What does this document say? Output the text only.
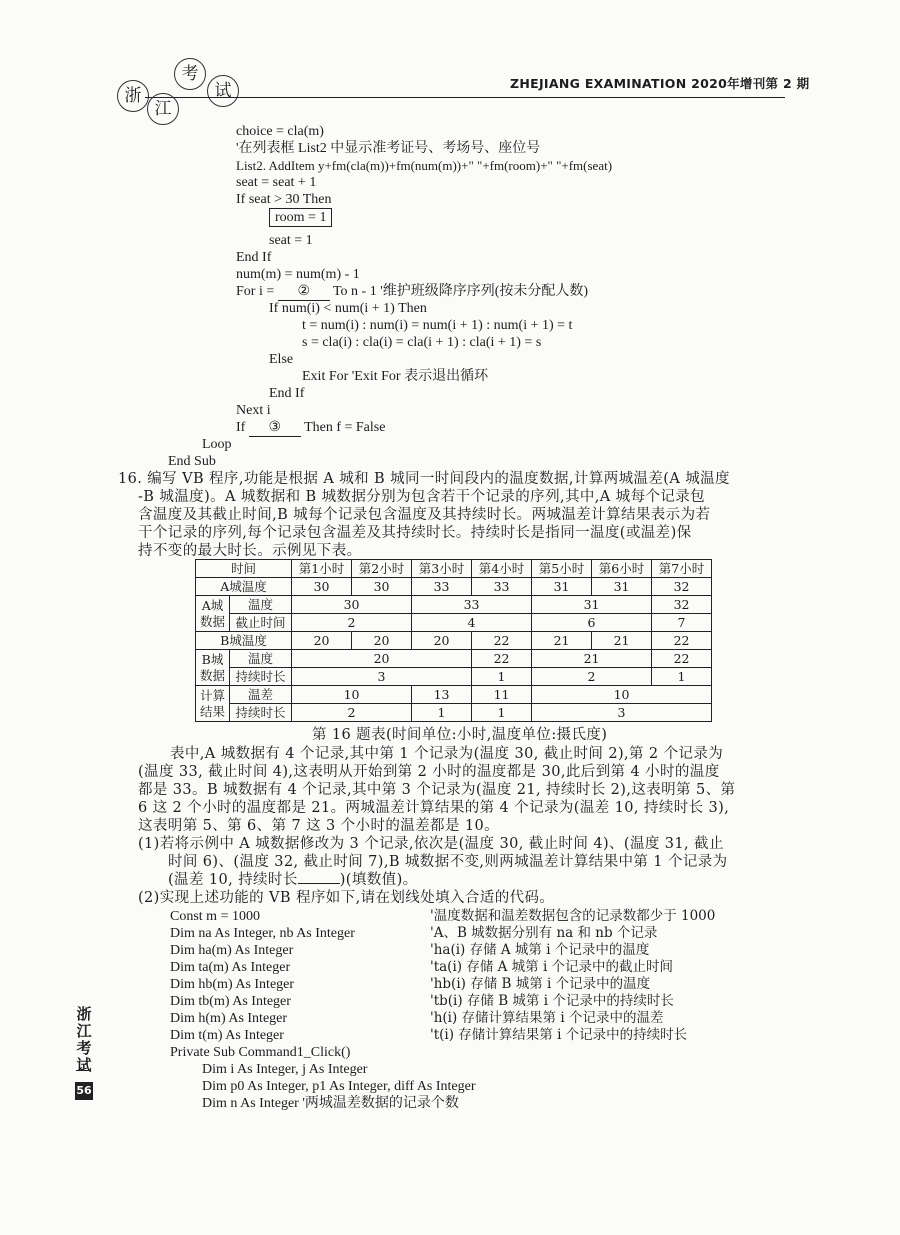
浙
江
考
试	ZHEJIANG EXAMINATION 2020年增刊第 2 期
choice = cla(m)
'在列表框 List2 中显示准考证号、考场号、座位号
List2. AddItem y+fm(cla(m))+fm(num(m))+" "+fm(room)+" "+fm(seat)
seat = seat + 1
If seat > 30 Then
room = 1
seat = 1
End If
num(m) = num(m) - 1
For i = ② To n - 1 '维护班级降序序列(按未分配人数)
If num(i) < num(i + 1) Then
t = num(i) : num(i) = num(i + 1) : num(i + 1) = t
s = cla(i) : cla(i) = cla(i + 1) : cla(i + 1) = s
Else
Exit For 'Exit For 表示退出循环
End If
Next i
If ③ Then f = False
Loop
End Sub
16. 编写 VB 程序,功能是根据 A 城和 B 城同一时间段内的温度数据,计算两城温差(A 城温度
-B 城温度)。A 城数据和 B 城数据分别为包含若干个记录的序列,其中,A 城每个记录包
含温度及其截止时间,B 城每个记录包含温度及其持续时长。两城温差计算结果表示为若
干个记录的序列,每个记录包含温差及其持续时长。持续时长是指同一温度(或温差)保
持不变的最大时长。示例见下表。
时间		第1小时	第2小时	第3小时	第4小时	第5小时	第6小时	第7小时
A城温度		30	30	33	33	31	31	32
A城数据	温度	30		33		31		32
	截止时间	2		4		6		7
B城温度		20	20	20	22	21	21	22
B城数据	温度	20			22	21		22
	持续时长	3			1	2		1
计算结果	温差	10		13	11	10		
	持续时长	2		1	1	3		
第 16 题表(时间单位:小时,温度单位:摄氏度)
表中,A 城数据有 4 个记录,其中第 1 个记录为(温度 30, 截止时间 2),第 2 个记录为
(温度 33, 截止时间 4),这表明从开始到第 2 小时的温度都是 30,此后到第 4 小时的温度
都是 33。B 城数据有 4 个记录,其中第 3 个记录为(温度 21, 持续时长 2),这表明第 5、第
6 这 2 个小时的温度都是 21。两城温差计算结果的第 4 个记录为(温差 10, 持续时长 3),
这表明第 5、第 6、第 7 这 3 个小时的温差都是 10。
(1)若将示例中 A 城数据修改为 3 个记录,依次是(温度 30, 截止时间 4)、(温度 31, 截止
时间 6)、(温度 32, 截止时间 7),B 城数据不变,则两城温差计算结果中第 1 个记录为
(温差 10, 持续时长	)(填数值)。
(2)实现上述功能的 VB 程序如下,请在划线处填入合适的代码。
Const m = 1000	'温度数据和温差数据包含的记录数都少于 1000
Dim na As Integer, nb As Integer	'A、B 城数据分别有 na 和 nb 个记录
Dim ha(m) As Integer	'ha(i) 存储 A 城第 i 个记录中的温度
Dim ta(m) As Integer	'ta(i) 存储 A 城第 i 个记录中的截止时间
Dim hb(m) As Integer	'hb(i) 存储 B 城第 i 个记录中的温度
Dim tb(m) As Integer	'tb(i) 存储 B 城第 i 个记录中的持续时长
Dim h(m) As Integer	'h(i) 存储计算结果第 i 个记录中的温差
Dim t(m) As Integer	't(i) 存储计算结果第 i 个记录中的持续时长
Private Sub Command1_Click()
Dim i As Integer, j As Integer
Dim p0 As Integer, p1 As Integer, diff As Integer
Dim n As Integer '两城温差数据的记录个数
浙江考试
56
